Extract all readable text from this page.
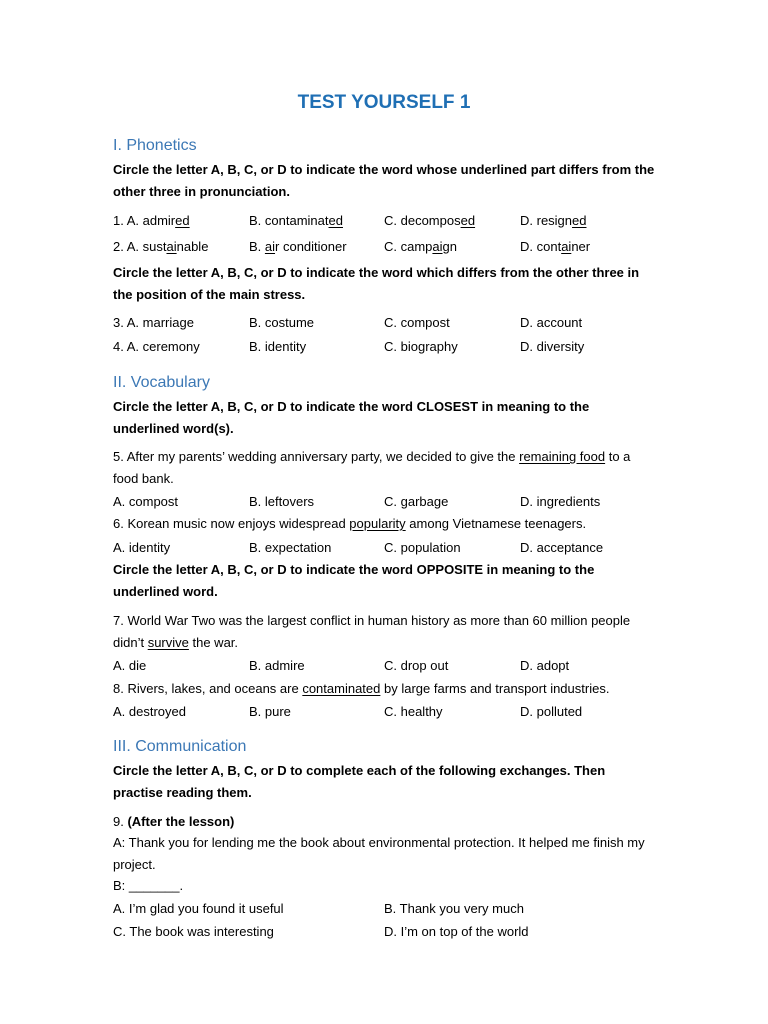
TEST YOURSELF 1
I. Phonetics
Circle the letter A, B, C, or D to indicate the word whose underlined part differs from the other three in pronunciation.
1. A. admired	B. contaminated	C. decomposed	D. resigned
2. A. sustainable	B. air conditioner	C. campaign	D. container
Circle the letter A, B, C, or D to indicate the word which differs from the other three in the position of the main stress.
3. A. marriage	B. costume	C. compost	D. account
4. A. ceremony	B. identity	C. biography	D. diversity
II. Vocabulary
Circle the letter A, B, C, or D to indicate the word CLOSEST in meaning to the underlined word(s).
5. After my parents’ wedding anniversary party, we decided to give the remaining food to a food bank.
A. compost	B. leftovers	C. garbage	D. ingredients
6. Korean music now enjoys widespread popularity among Vietnamese teenagers.
A. identity	B. expectation	C. population	D. acceptance
Circle the letter A, B, C, or D to indicate the word OPPOSITE in meaning to the underlined word.
7. World War Two was the largest conflict in human history as more than 60 million people didn’t survive the war.
A. die	B. admire	C. drop out	D. adopt
8. Rivers, lakes, and oceans are contaminated by large farms and transport industries.
A. destroyed	B. pure	C. healthy	D. polluted
III. Communication
Circle the letter A, B, C, or D to complete each of the following exchanges. Then practise reading them.
9. (After the lesson)
A: Thank you for lending me the book about environmental protection. It helped me finish my project.
B: _______.
A. I’m glad you found it useful	B. Thank you very much
C. The book was interesting	D. I’m on top of the world
